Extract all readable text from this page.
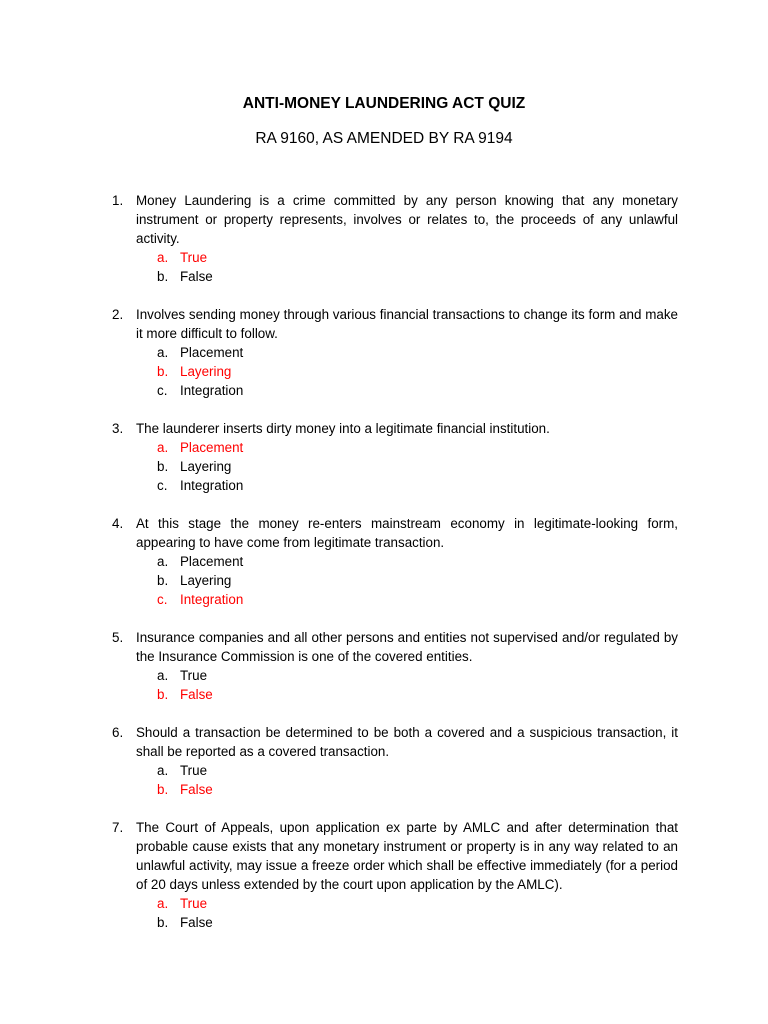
ANTI-MONEY LAUNDERING ACT QUIZ
RA 9160, AS AMENDED BY RA 9194
1. Money Laundering is a crime committed by any person knowing that any monetary instrument or property represents, involves or relates to, the proceeds of any unlawful activity.
a. True
b. False
2. Involves sending money through various financial transactions to change its form and make it more difficult to follow.
a. Placement
b. Layering
c. Integration
3. The launderer inserts dirty money into a legitimate financial institution.
a. Placement
b. Layering
c. Integration
4. At this stage the money re-enters mainstream economy in legitimate-looking form, appearing to have come from legitimate transaction.
a. Placement
b. Layering
c. Integration
5. Insurance companies and all other persons and entities not supervised and/or regulated by the Insurance Commission is one of the covered entities.
a. True
b. False
6. Should a transaction be determined to be both a covered and a suspicious transaction, it shall be reported as a covered transaction.
a. True
b. False
7. The Court of Appeals, upon application ex parte by AMLC and after determination that probable cause exists that any monetary instrument or property is in any way related to an unlawful activity, may issue a freeze order which shall be effective immediately (for a period of 20 days unless extended by the court upon application by the AMLC).
a. True
b. False
